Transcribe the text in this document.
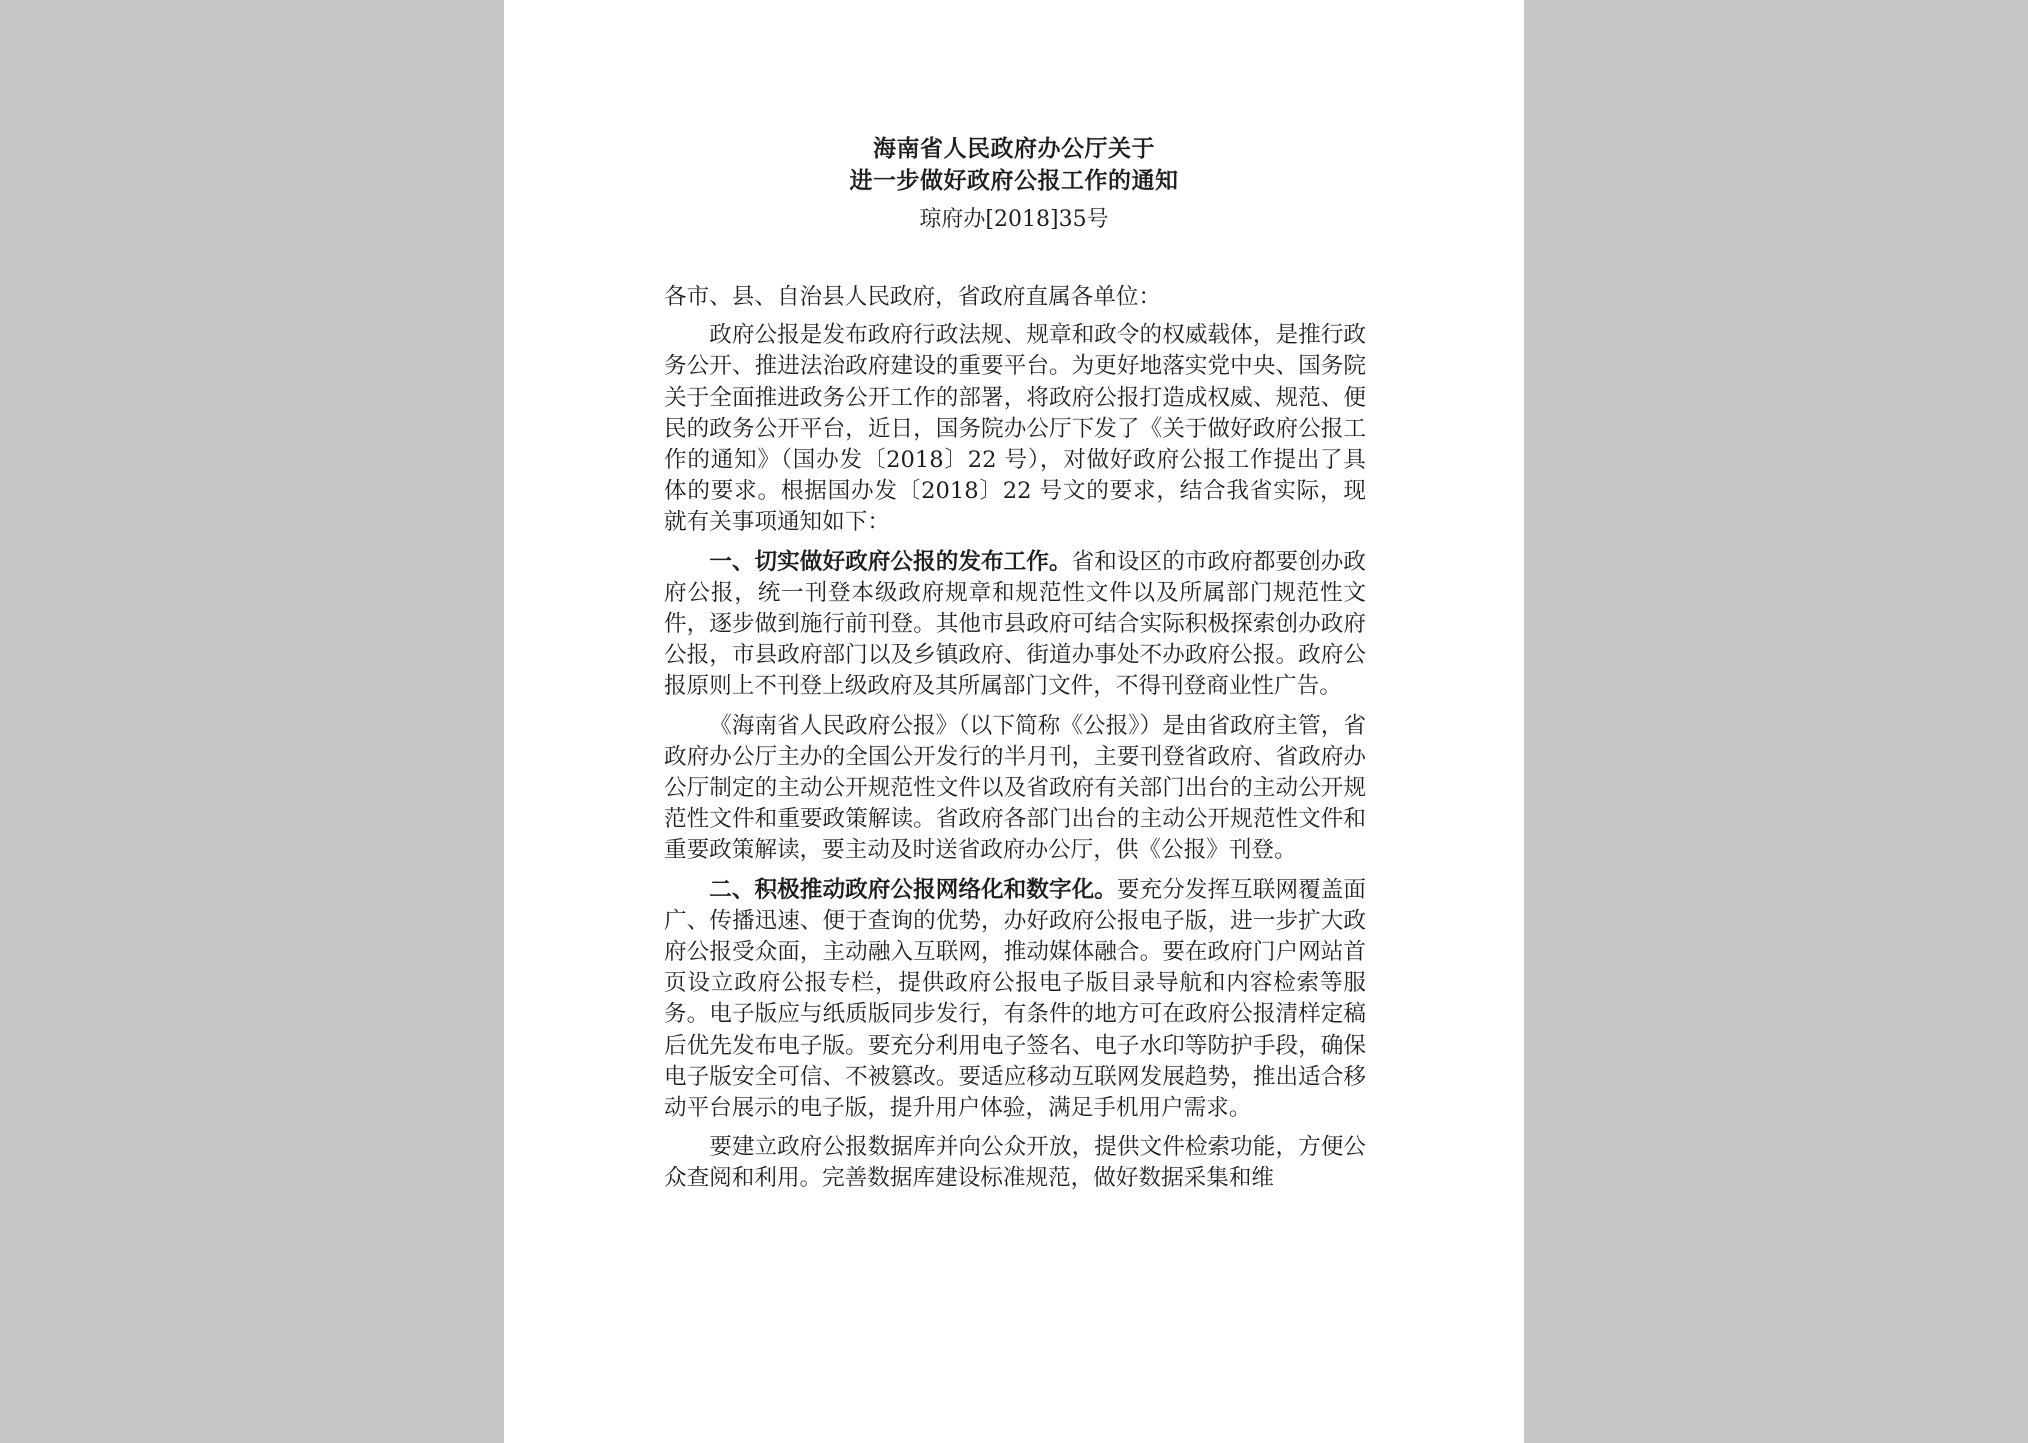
海南省人民政府办公厅关于
进一步做好政府公报工作的通知
琼府办[2018]35号

各市、县、自治县人民政府，省政府直属各单位：

政府公报是发布政府行政法规、规章和政令的权威载体，是推行政务公开、推进法治政府建设的重要平台。为更好地落实党中央、国务院关于全面推进政务公开工作的部署，将政府公报打造成权威、规范、便民的政务公开平台，近日，国务院办公厅下发了《关于做好政府公报工作的通知》（国办发〔2018〕22 号），对做好政府公报工作提出了具体的要求。根据国办发〔2018〕22 号文的要求，结合我省实际，现就有关事项通知如下：

一、切实做好政府公报的发布工作。省和设区的市政府都要创办政府公报，统一刊登本级政府规章和规范性文件以及所属部门规范性文件，逐步做到施行前刊登。其他市县政府可结合实际积极探索创办政府公报，市县政府部门以及乡镇政府、街道办事处不办政府公报。政府公报原则上不刊登上级政府及其所属部门文件，不得刊登商业性广告。

《海南省人民政府公报》（以下简称《公报》）是由省政府主管，省政府办公厅主办的全国公开发行的半月刊，主要刊登省政府、省政府办公厅制定的主动公开规范性文件以及省政府有关部门出台的主动公开规范性文件和重要政策解读。省政府各部门出台的主动公开规范性文件和重要政策解读，要主动及时送省政府办公厅，供《公报》刊登。

二、积极推动政府公报网络化和数字化。要充分发挥互联网覆盖面广、传播迅速、便于查询的优势，办好政府公报电子版，进一步扩大政府公报受众面，主动融入互联网，推动媒体融合。要在政府门户网站首页设立政府公报专栏，提供政府公报电子版目录导航和内容检索等服务。电子版应与纸质版同步发行，有条件的地方可在政府公报清样定稿后优先发布电子版。要充分利用电子签名、电子水印等防护手段，确保电子版安全可信、不被篡改。要适应移动互联网发展趋势，推出适合移动平台展示的电子版，提升用户体验，满足手机用户需求。

要建立政府公报数据库并向公众开放，提供文件检索功能，方便公众查阅和利用。完善数据库建设标准规范，做好数据采集和维
